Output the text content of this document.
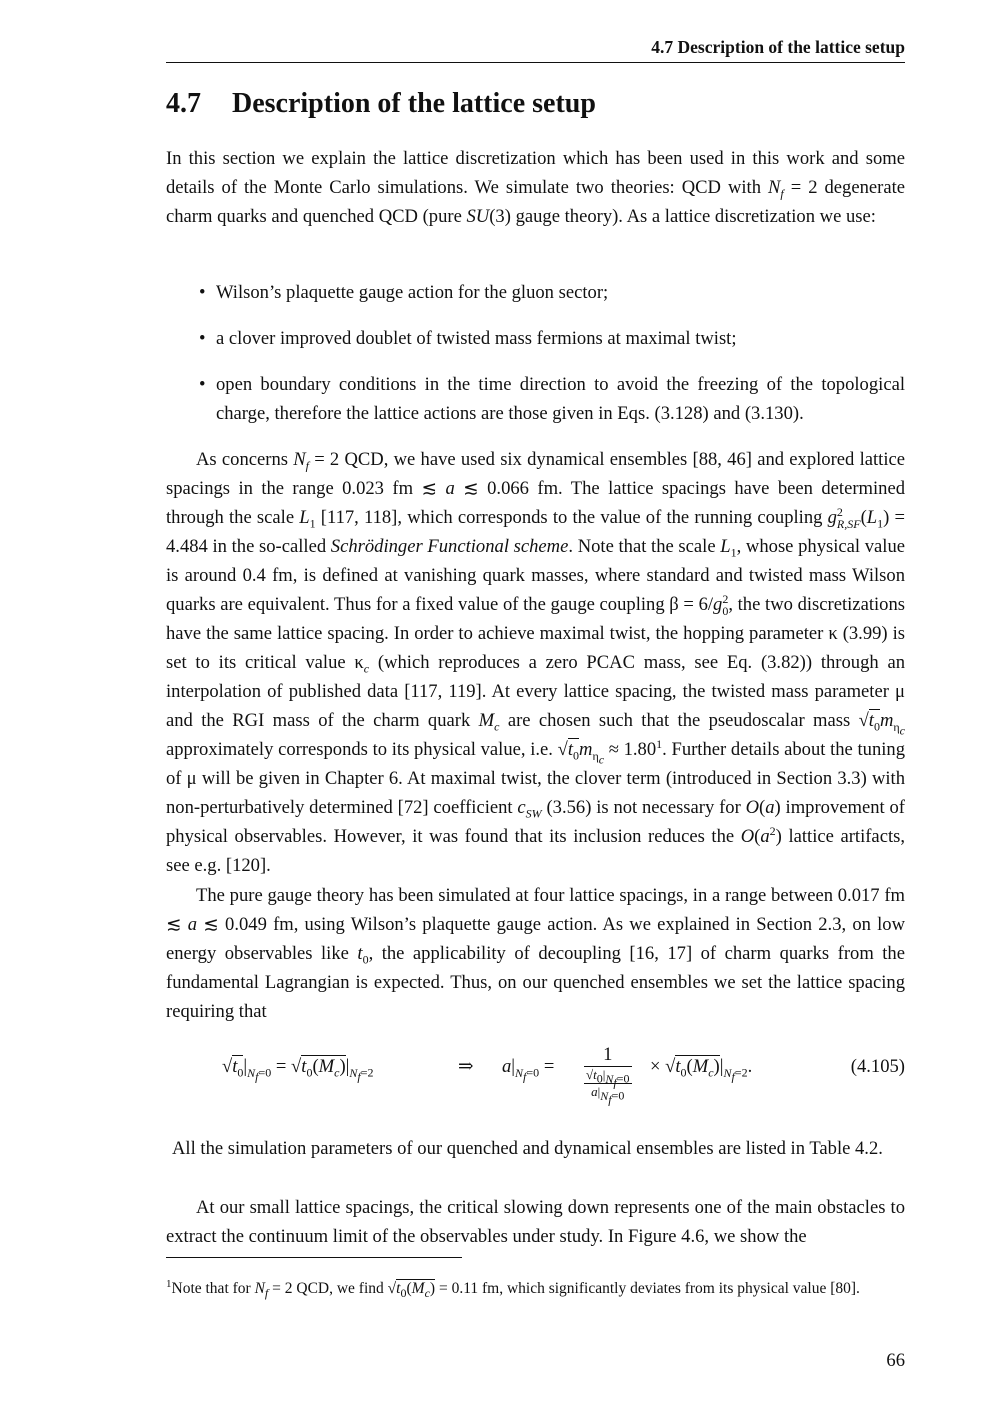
4.7 Description of the lattice setup
4.7 Description of the lattice setup

In this section we explain the lattice discretization which has been used in this work and some details of the Monte Carlo simulations. We simulate two theories: QCD with $N_f = 2$ degenerate charm quarks and quenched QCD (pure SU(3) gauge theory). As a lattice discretization we use:

• Wilson’s plaquette gauge action for the gluon sector;
• a clover improved doublet of twisted mass fermions at maximal twist;
• open boundary conditions in the time direction to avoid the freezing of the topological charge, therefore the lattice actions are those given in Eqs. (3.128) and (3.130).

As concerns $N_f = 2$ QCD, we have used six dynamical ensembles [88, 46] and explored lattice spacings in the range 0.023 fm ≲ a ≲ 0.066 fm. The lattice spacings have been determined through the scale $L_1$ [117, 118], which corresponds to the value of the running coupling $g^2_{R,SF}(L_1) = 4.484$ in the so-called Schrödinger Functional scheme. Note that the scale $L_1$, whose physical value is around 0.4 fm, is defined at vanishing quark masses, where standard and twisted mass Wilson quarks are equivalent. Thus for a fixed value of the gauge coupling $\beta = 6/g^2_0$, the two discretizations have the same lattice spacing. In order to achieve maximal twist, the hopping parameter κ (3.99) is set to its critical value $\kappa_c$ (which reproduces a zero PCAC mass, see Eq. (3.82)) through an interpolation of published data [117, 119]. At every lattice spacing, the twisted mass parameter μ and the RGI mass of the charm quark $M_c$ are chosen such that the pseudoscalar mass $√t_0m_{\eta_c}$ approximately corresponds to its physical value, i.e. $√t_0m_{\eta_c} \approx 1.80^1$. Further details about the tuning of μ will be given in Chapter 6. At maximal twist, the clover term (introduced in Section 3.3) with non-perturbatively determined [72] coefficient $c_{SW}$ (3.56) is not necessary for O(a) improvement of physical observables. However, it was found that its inclusion reduces the $O(a^2)$ lattice artifacts, see e.g. [120].

The pure gauge theory has been simulated at four lattice spacings, in a range between 0.017 fm ≲ a ≲ 0.049 fm, using Wilson’s plaquette gauge action. As we explained in Section 2.3, on low energy observables like $t_0$, the applicability of decoupling [16, 17] of charm quarks from the fundamental Lagrangian is expected. Thus, on our quenched ensembles we set the lattice spacing requiring that

$√t_0|_{N_f=0} = √t_0(M_c)|_{N_f=2}$	⇒ $a|_{N_f=0}$ =
1
$√t_0|_{N_f=0}$
$a|_{N_f=0}$
× $√t_0(M_c)|_{N_f=2}$.	(4.105)

All the simulation parameters of our quenched and dynamical ensembles are listed in Table 4.2.

At our small lattice spacings, the critical slowing down represents one of the main obstacles to extract the continuum limit of the observables under study. In Figure 4.6, we show the

$^1$Note that for $N_f = 2$ QCD, we find $√t_0(M_c) = 0.11$ fm, which significantly deviates from its physical value [80].

66
